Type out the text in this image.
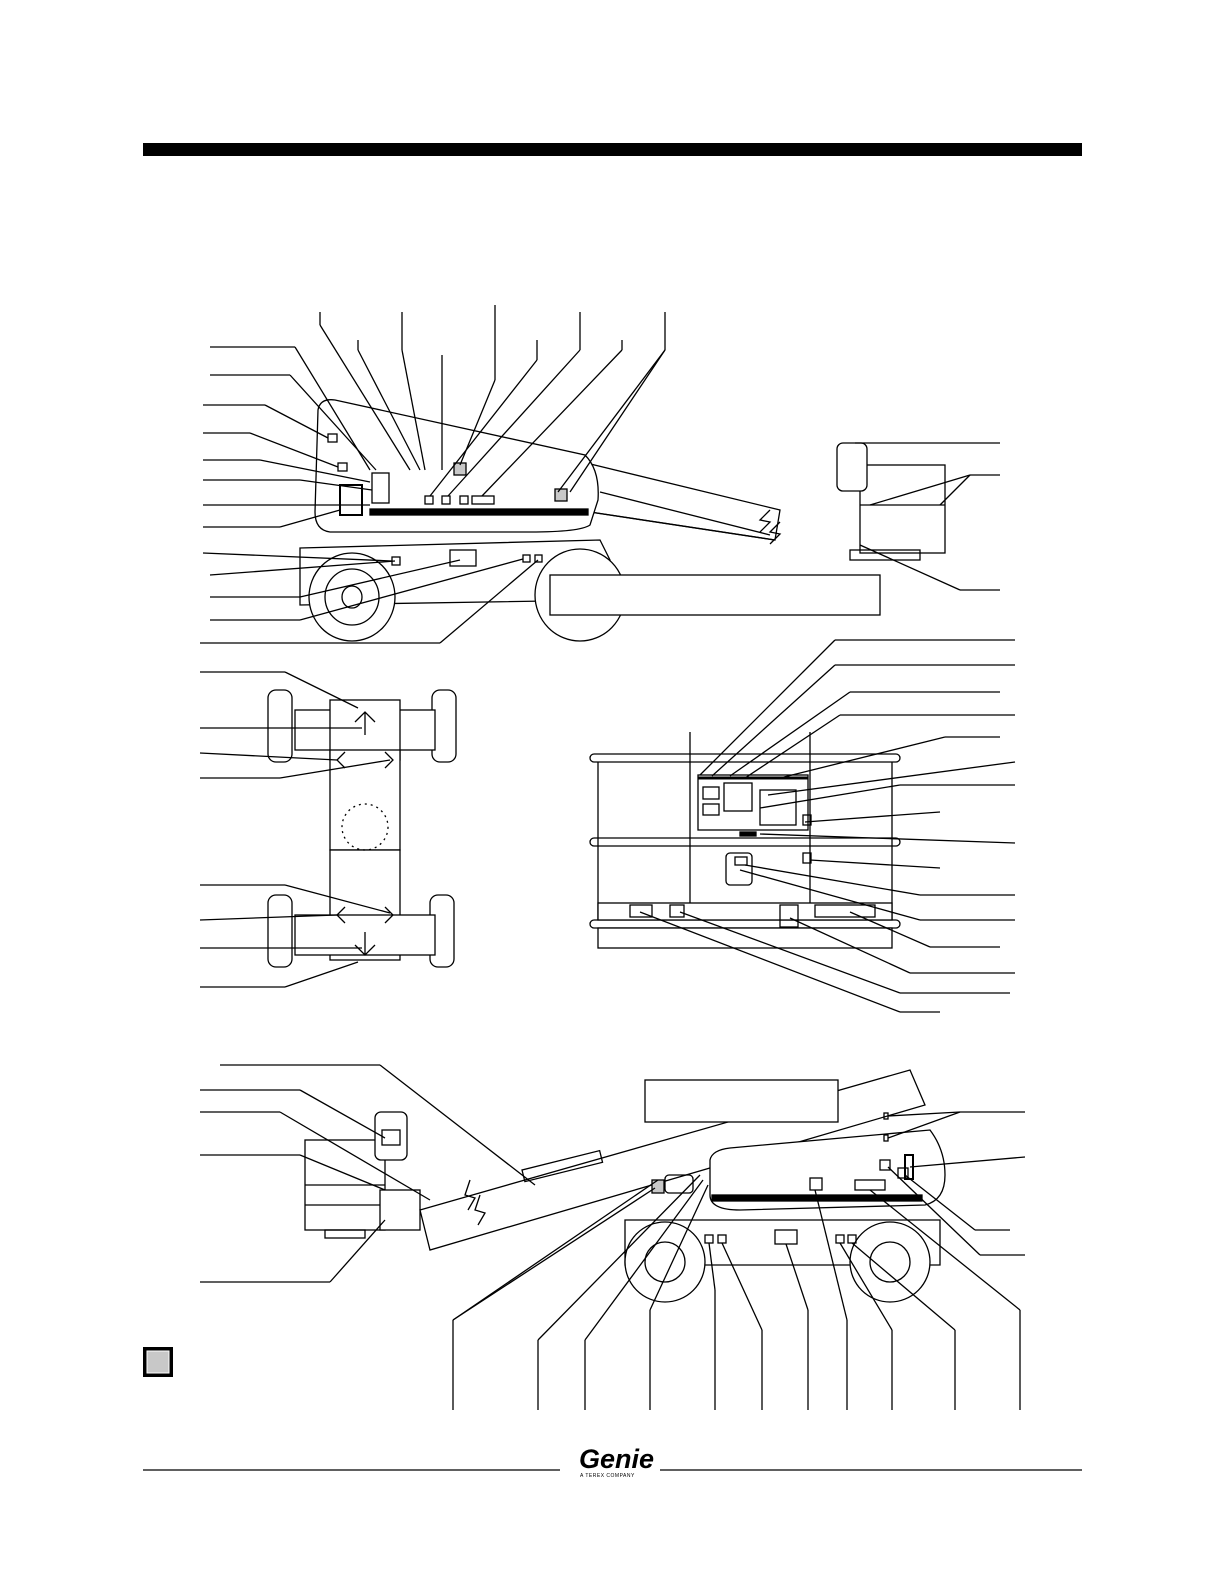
Genie
A TEREX COMPANY
